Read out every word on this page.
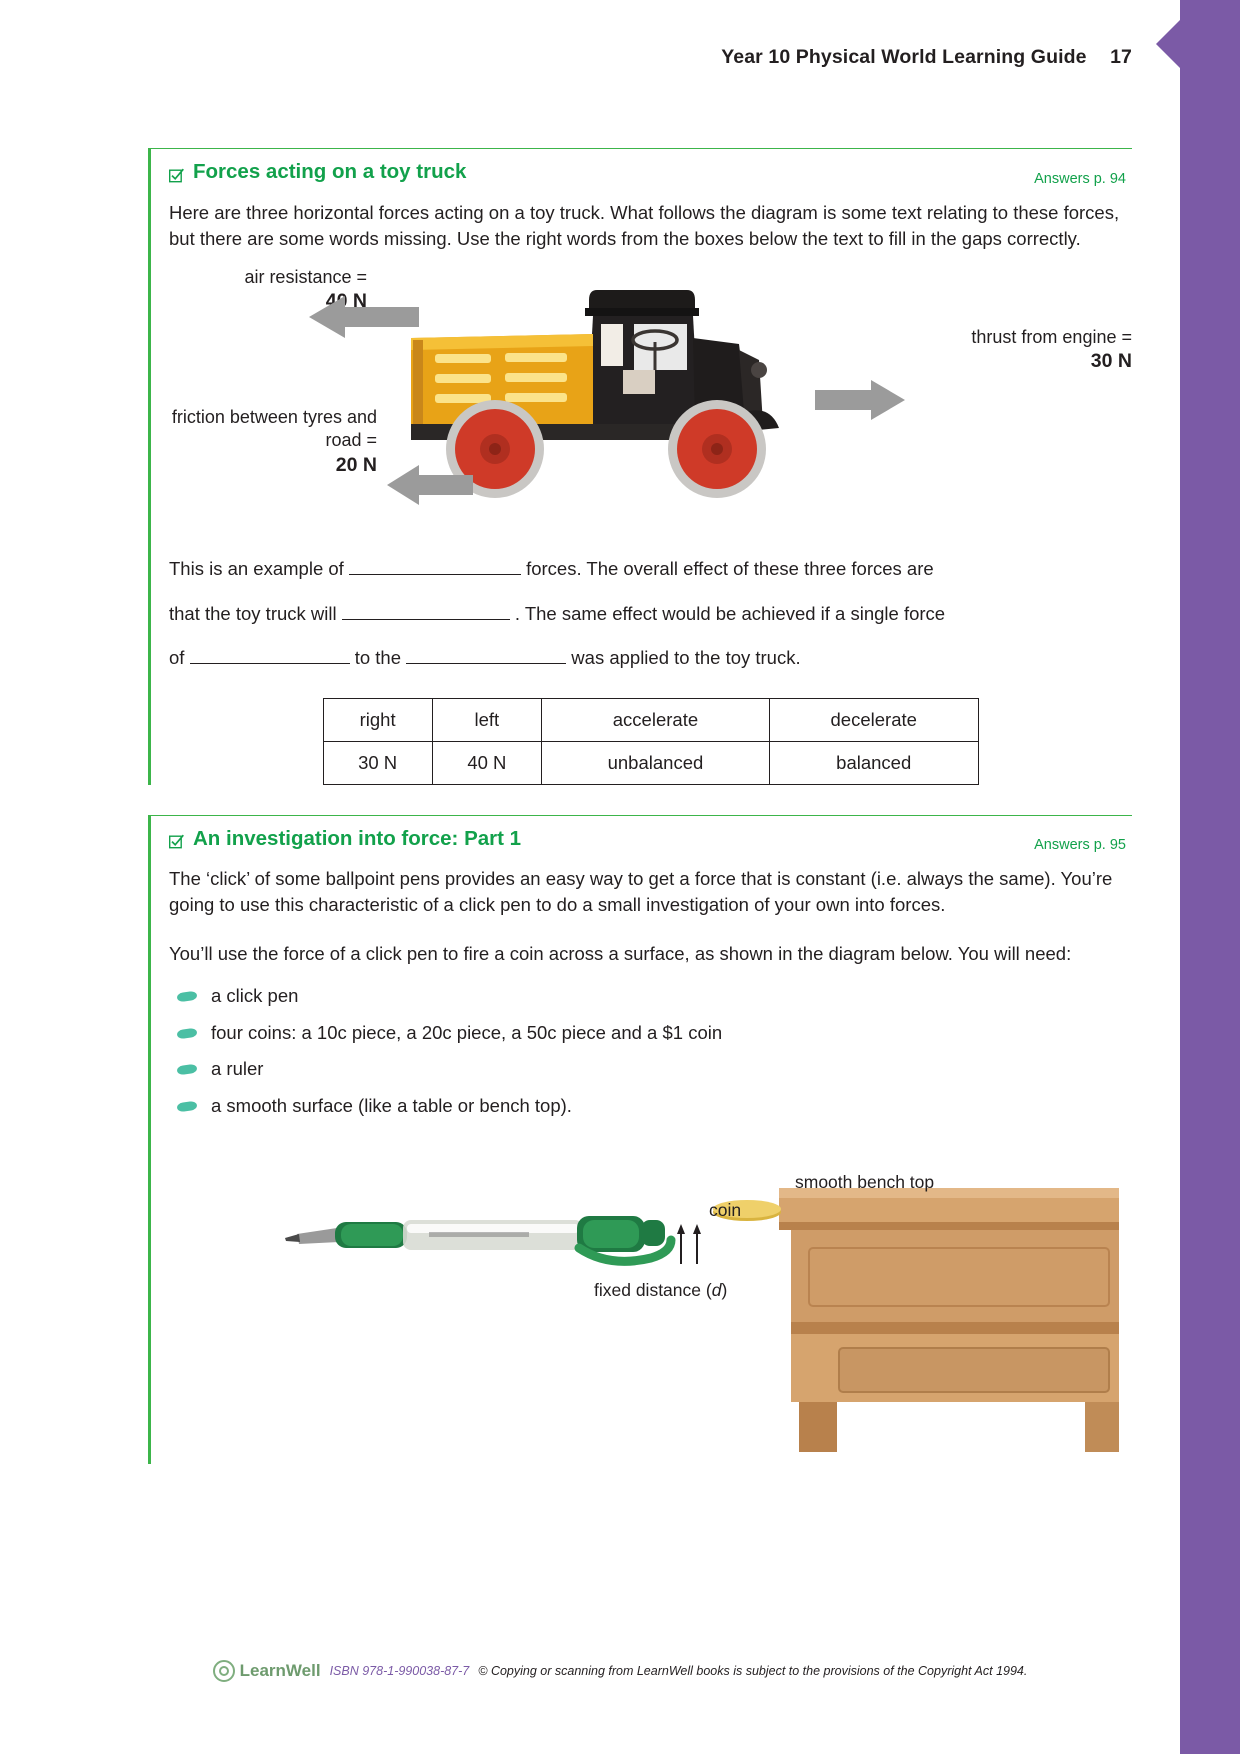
Year 10 Physical World Learning Guide 17
Forces acting on a toy truck	Answers p. 94

Here are three horizontal forces acting on a toy truck. What follows the diagram is some text relating to these forces, but there are some words missing. Use the right words from the boxes below the text to fill in the gaps correctly.

air resistance =
40 N
thrust from engine =
30 N
friction between tyres and road =
20 N
This is an example of	forces. The overall effect of these three forces are
that the toy truck will	. The same effect would be achieved if a single force
of	to the	was applied to the toy truck.
right	left	accelerate	decelerate
30 N	40 N	unbalanced	balanced
An investigation into force: Part 1	Answers p. 95

The ‘click’ of some ballpoint pens provides an easy way to get a force that is constant (i.e. always the same). You’re going to use this characteristic of a click pen to do a small investigation of your own into forces.

You’ll use the force of a click pen to fire a coin across a surface, as shown in the diagram below. You will need:

a click pen
four coins: a 10c piece, a 20c piece, a 50c piece and a $1 coin
a ruler
a smooth surface (like a table or bench top).
smooth bench top
coin
fixed distance (d)
LearnWell ISBN 978-1-990038-87-7 © Copying or scanning from LearnWell books is subject to the provisions of the Copyright Act 1994.
